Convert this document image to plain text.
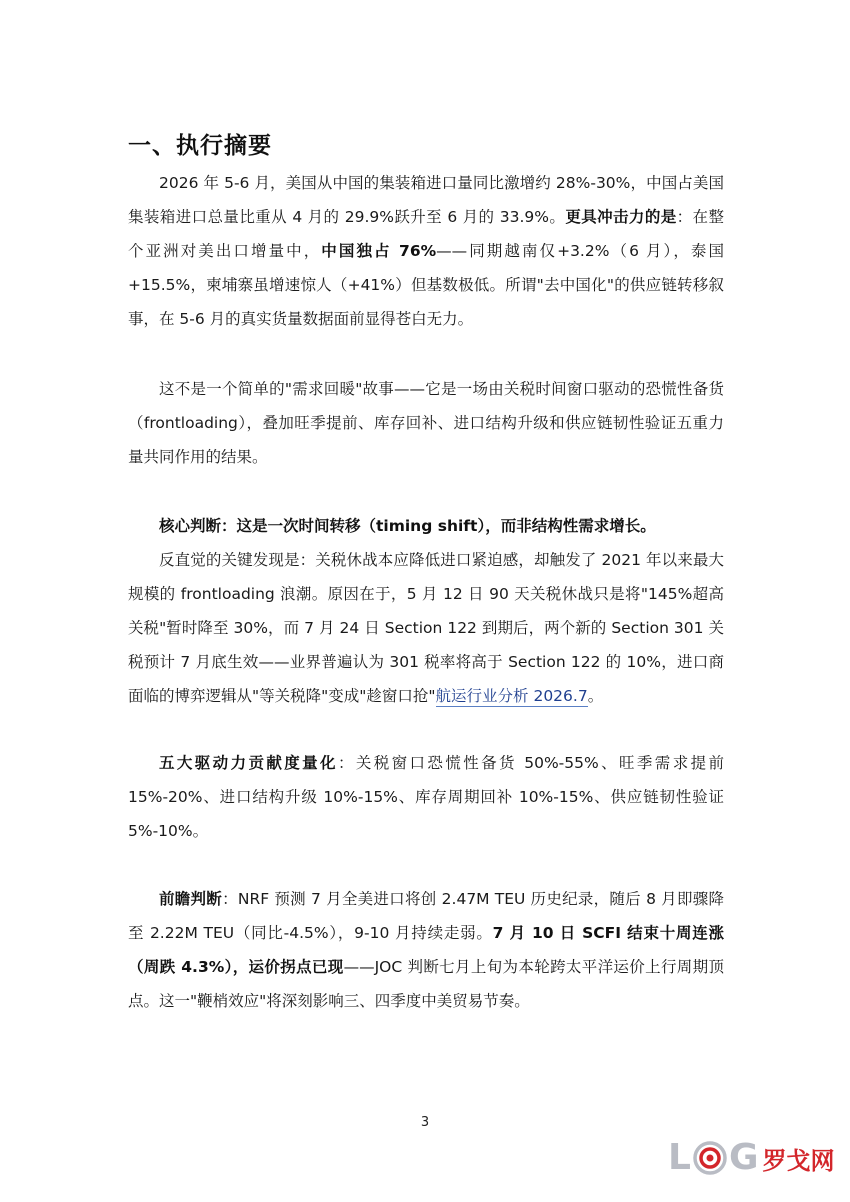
一、执行摘要
2026 年 5-6 月，美国从中国的集装箱进口量同比激增约 28%-30%，中国占美国集装箱进口总量比重从 4 月的 29.9%跃升至 6 月的 33.9%。更具冲击力的是：在整个亚洲对美出口增量中，中国独占 76%——同期越南仅+3.2%（6 月），泰国+15.5%，柬埔寨虽增速惊人（+41%）但基数极低。所谓"去中国化"的供应链转移叙事，在 5-6 月的真实货量数据面前显得苍白无力。
这不是一个简单的"需求回暖"故事——它是一场由关税时间窗口驱动的恐慌性备货（frontloading），叠加旺季提前、库存回补、进口结构升级和供应链韧性验证五重力量共同作用的结果。
核心判断：这是一次时间转移（timing shift），而非结构性需求增长。
反直觉的关键发现是：关税休战本应降低进口紧迫感，却触发了 2021 年以来最大规模的 frontloading 浪潮。原因在于，5 月 12 日 90 天关税休战只是将"145%超高关税"暂时降至 30%，而 7 月 24 日 Section 122 到期后，两个新的 Section 301 关税预计 7 月底生效——业界普遍认为 301 税率将高于 Section 122 的 10%，进口商面临的博弈逻辑从"等关税降"变成"趁窗口抢"航运行业分析 2026.7。
五大驱动力贡献度量化：关税窗口恐慌性备货 50%-55%、旺季需求提前 15%-20%、进口结构升级 10%-15%、库存周期回补 10%-15%、供应链韧性验证 5%-10%。
前瞻判断：NRF 预测 7 月全美进口将创 2.47M TEU 历史纪录，随后 8 月即骤降至 2.22M TEU（同比-4.5%），9-10 月持续走弱。7 月 10 日 SCFI 结束十周连涨（周跌 4.3%），运价拐点已现——JOC 判断七月上旬为本轮跨太平洋运价上行周期顶点。这一"鞭梢效应"将深刻影响三、四季度中美贸易节奏。
3
L G 罗戈网
